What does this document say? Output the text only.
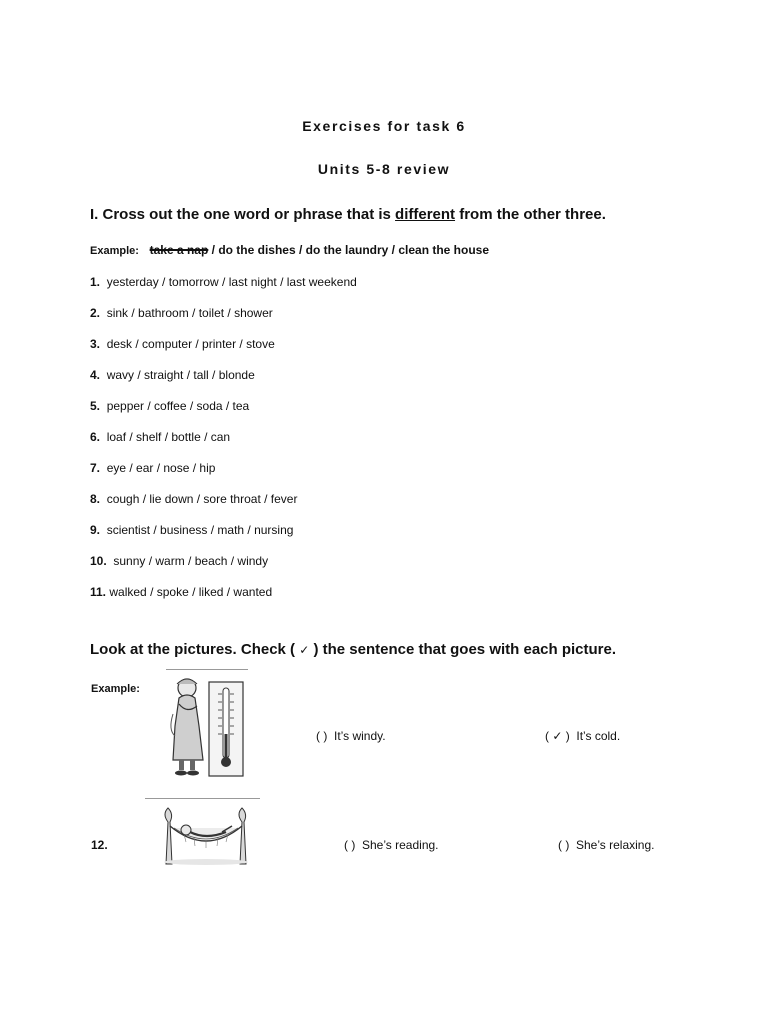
Exercises for task 6
Units 5-8 review
I. Cross out the one word or phrase that is different from the other three.
Example: take a nap / do the dishes / do the laundry / clean the house
1. yesterday / tomorrow / last night / last weekend
2. sink / bathroom / toilet / shower
3. desk / computer / printer / stove
4. wavy / straight / tall / blonde
5. pepper / coffee / soda / tea
6. loaf / shelf / bottle / can
7. eye / ear / nose / hip
8. cough / lie down / sore throat / fever
9. scientist / business / math / nursing
10. sunny / warm / beach / windy
11. walked / spoke / liked / wanted
Look at the pictures. Check ( ✓ ) the sentence that goes with each picture.
Example:
( ) It’s windy.	( ✓ ) It’s cold.
12.	( ) She’s reading.	( ) She’s relaxing.
